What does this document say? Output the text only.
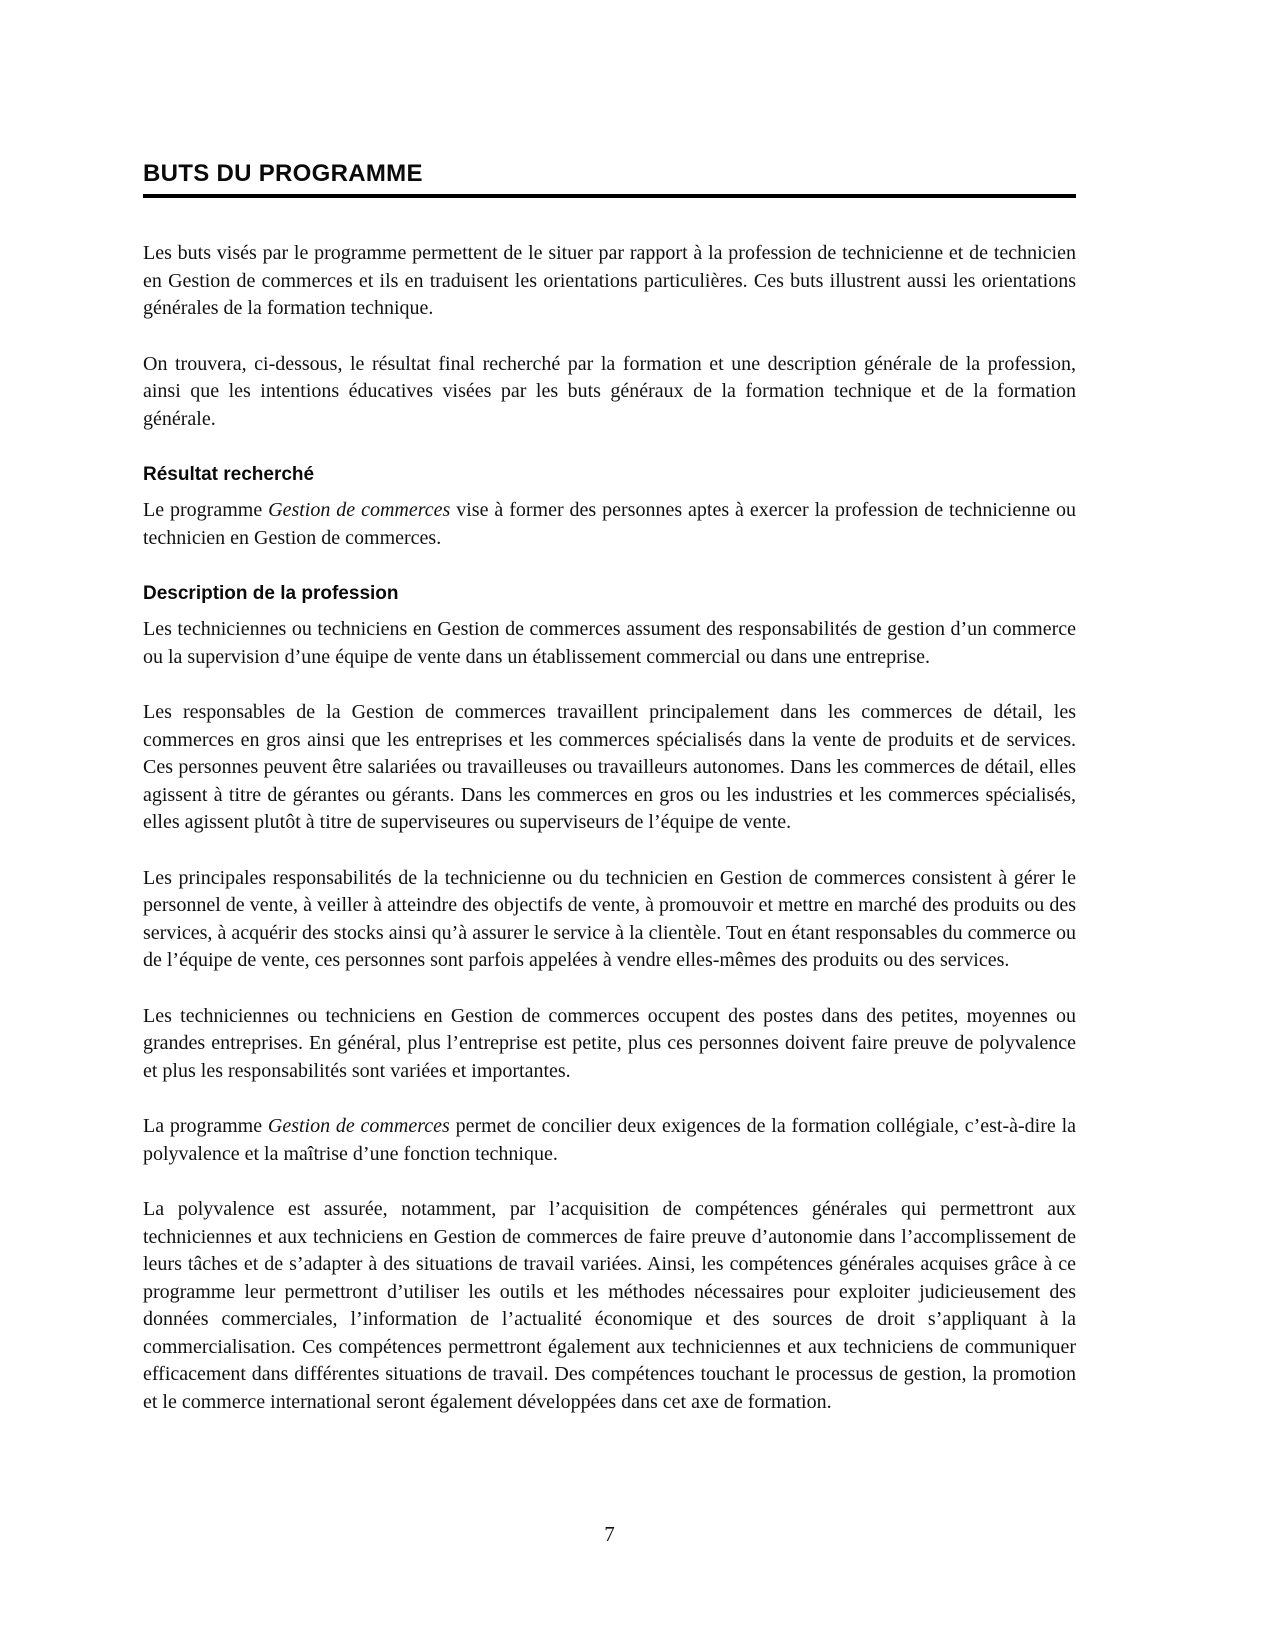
BUTS DU PROGRAMME

Les buts visés par le programme permettent de le situer par rapport à la profession de technicienne et de technicien en Gestion de commerces et ils en traduisent les orientations particulières. Ces buts illustrent aussi les orientations générales de la formation technique.

On trouvera, ci-dessous, le résultat final recherché par la formation et une description générale de la profession, ainsi que les intentions éducatives visées par les buts généraux de la formation technique et de la formation générale.

Résultat recherché

Le programme Gestion de commerces vise à former des personnes aptes à exercer la profession de technicienne ou technicien en Gestion de commerces.

Description de la profession

Les techniciennes ou techniciens en Gestion de commerces assument des responsabilités de gestion d’un commerce ou la supervision d’une équipe de vente dans un établissement commercial ou dans une entreprise.

Les responsables de la Gestion de commerces travaillent principalement dans les commerces de détail, les commerces en gros ainsi que les entreprises et les commerces spécialisés dans la vente de produits et de services. Ces personnes peuvent être salariées ou travailleuses ou travailleurs autonomes. Dans les commerces de détail, elles agissent à titre de gérantes ou gérants. Dans les commerces en gros ou les industries et les commerces spécialisés, elles agissent plutôt à titre de superviseures ou superviseurs de l’équipe de vente.

Les principales responsabilités de la technicienne ou du technicien en Gestion de commerces consistent à gérer le personnel de vente, à veiller à atteindre des objectifs de vente, à promouvoir et mettre en marché des produits ou des services, à acquérir des stocks ainsi qu’à assurer le service à la clientèle. Tout en étant responsables du commerce ou de l’équipe de vente, ces personnes sont parfois appelées à vendre elles-mêmes des produits ou des services.

Les techniciennes ou techniciens en Gestion de commerces occupent des postes dans des petites, moyennes ou grandes entreprises. En général, plus l’entreprise est petite, plus ces personnes doivent faire preuve de polyvalence et plus les responsabilités sont variées et importantes.

La programme Gestion de commerces permet de concilier deux exigences de la formation collégiale, c’est-à-dire la polyvalence et la maîtrise d’une fonction technique.

La polyvalence est assurée, notamment, par l’acquisition de compétences générales qui permettront aux techniciennes et aux techniciens en Gestion de commerces de faire preuve d’autonomie dans l’accomplissement de leurs tâches et de s’adapter à des situations de travail variées. Ainsi, les compétences générales acquises grâce à ce programme leur permettront d’utiliser les outils et les méthodes nécessaires pour exploiter judicieusement des données commerciales, l’information de l’actualité économique et des sources de droit s’appliquant à la commercialisation. Ces compétences permettront également aux techniciennes et aux techniciens de communiquer efficacement dans différentes situations de travail. Des compétences touchant le processus de gestion, la promotion et le commerce international seront également développées dans cet axe de formation.

7
